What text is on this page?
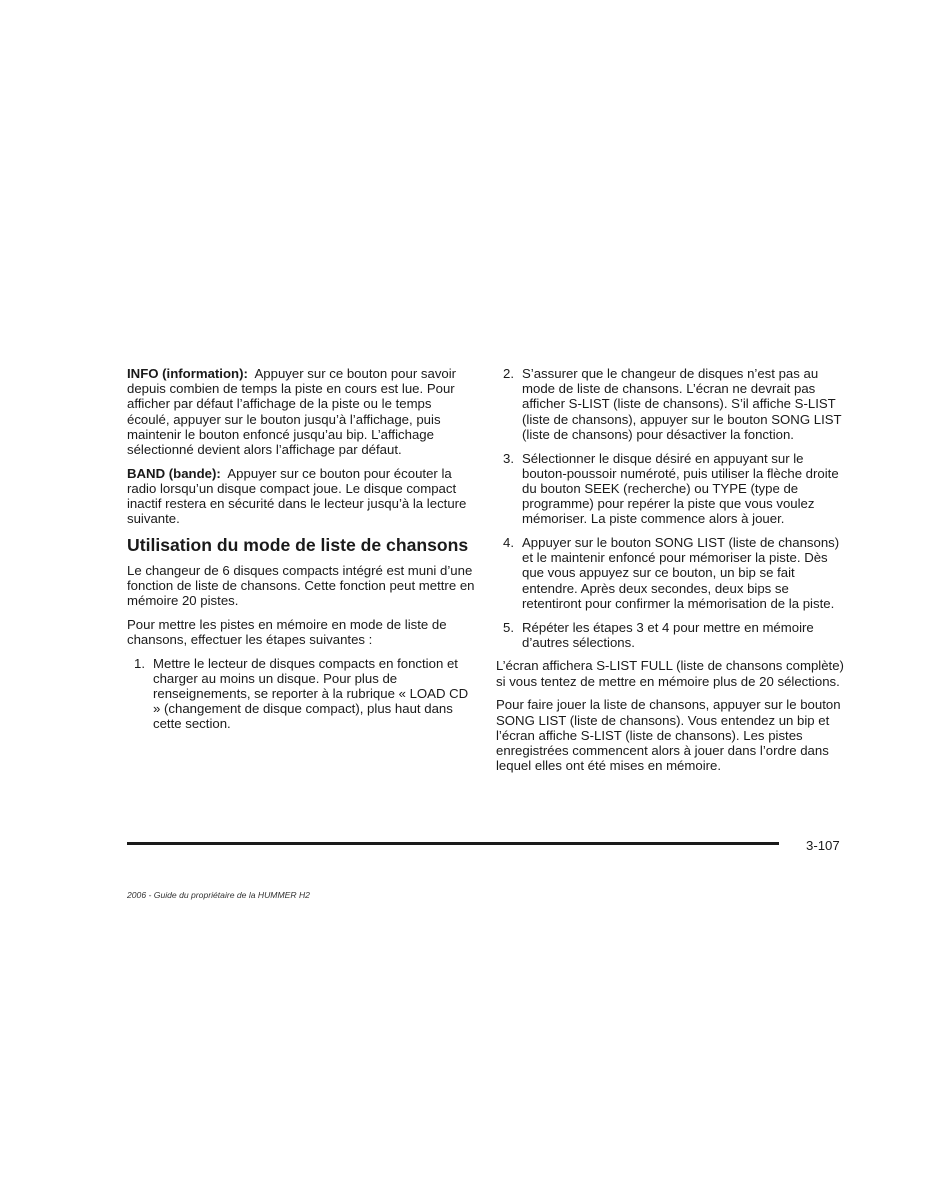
INFO (information): Appuyer sur ce bouton pour savoir depuis combien de temps la piste en cours est lue. Pour afficher par défaut l’affichage de la piste ou le temps écoulé, appuyer sur le bouton jusqu’à l’affichage, puis maintenir le bouton enfoncé jusqu’au bip. L’affichage sélectionné devient alors l’affichage par défaut.

BAND (bande): Appuyer sur ce bouton pour écouter la radio lorsqu’un disque compact joue. Le disque compact inactif restera en sécurité dans le lecteur jusqu’à la lecture suivante.

Utilisation du mode de liste de chansons

Le changeur de 6 disques compacts intégré est muni d’une fonction de liste de chansons. Cette fonction peut mettre en mémoire 20 pistes.

Pour mettre les pistes en mémoire en mode de liste de chansons, effectuer les étapes suivantes :

1. Mettre le lecteur de disques compacts en fonction et charger au moins un disque. Pour plus de renseignements, se reporter à la rubrique « LOAD CD » (changement de disque compact), plus haut dans cette section.
2. S’assurer que le changeur de disques n’est pas au mode de liste de chansons. L’écran ne devrait pas afficher S-LIST (liste de chansons). S’il affiche S-LIST (liste de chansons), appuyer sur le bouton SONG LIST (liste de chansons) pour désactiver la fonction.
3. Sélectionner le disque désiré en appuyant sur le bouton-poussoir numéroté, puis utiliser la flèche droite du bouton SEEK (recherche) ou TYPE (type de programme) pour repérer la piste que vous voulez mémoriser. La piste commence alors à jouer.
4. Appuyer sur le bouton SONG LIST (liste de chansons) et le maintenir enfoncé pour mémoriser la piste. Dès que vous appuyez sur ce bouton, un bip se fait entendre. Après deux secondes, deux bips se retentiront pour confirmer la mémorisation de la piste.
5. Répéter les étapes 3 et 4 pour mettre en mémoire d’autres sélections.

L’écran affichera S-LIST FULL (liste de chansons complète) si vous tentez de mettre en mémoire plus de 20 sélections.

Pour faire jouer la liste de chansons, appuyer sur le bouton SONG LIST (liste de chansons). Vous entendez un bip et l’écran affiche S-LIST (liste de chansons). Les pistes enregistrées commencent alors à jouer dans l’ordre dans lequel elles ont été mises en mémoire.

3-107
2006 - Guide du propriétaire de la HUMMER H2
